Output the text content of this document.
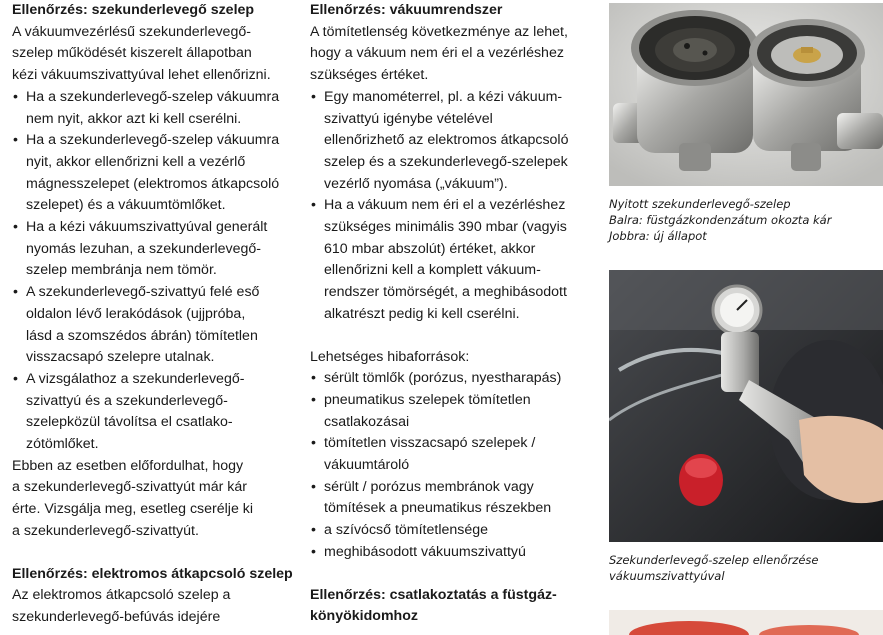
Ellenőrzés: szekunderlevegő szelep

A vákuumvezérlésű szekunderlevegő-
szelep működését kiszerelt állapotban
kézi vákuumszivattyúval lehet ellenőrizni.

• Ha a szekunderlevegő-szelep vákuumra
nem nyit, akkor azt ki kell cserélni.
• Ha a szekunderlevegő-szelep vákuumra
nyit, akkor ellenőrizni kell a vezérlő
mágnesszelepet (elektromos átkapcsoló
szelepet) és a vákuumtömlőket.
• Ha a kézi vákuumszivattyúval generált
nyomás lezuhan, a szekunderlevegő-
szelep membránja nem tömör.
• A szekunderlevegő-szivattyú felé eső
oldalon lévő lerakódások (ujjpróba,
lásd a szomszédos ábrán) tömítetlen
visszacsapó szelepre utalnak.
• A vizsgálathoz a szekunderlevegő-
szivattyú és a szekunderlevegő-
szelepközül távolítsa el csatlako-
zótömlőket.

Ebben az esetben előfordulhat, hogy
a szekunderlevegő-szivattyút már kár
érte. Vizsgálja meg, esetleg cserélje ki
a szekunderlevegő-szivattyút.

Ellenőrzés: elektromos átkapcsoló szelep

Az elektromos átkapcsoló szelep a
szekunderlevegő-befúvás idejére

Ellenőrzés: vákuumrendszer

A tömítetlenség következménye az lehet,
hogy a vákuum nem éri el a vezérléshez
szükséges értéket.

• Egy manométerrel, pl. a kézi vákuum-
szivattyú igénybe vételével
ellenőrizhető az elektromos átkapcsoló
szelep és a szekunderlevegő-szelepek
vezérlő nyomása („vákuum”).
• Ha a vákuum nem éri el a vezérléshez
szükséges minimális 390 mbar (vagyis
610 mbar abszolút) értéket, akkor
ellenőrizni kell a komplett vákuum-
rendszer tömörségét, a meghibásodott
alkatrészt pedig ki kell cserélni.

Lehetséges hibaforrások:

• sérült tömlők (porózus, nyestharapás)
• pneumatikus szelepek tömítetlen
csatlakozásai
• tömítetlen visszacsapó szelepek /
vákuumtároló
• sérült / porózus membránok vagy
tömítések a pneumatikus részekben
• a szívócső tömítetlensége
• meghibásodott vákuumszivattyú
Ellenőrzés: csatlakoztatás a füstgáz-
könyökidomhoz
Nyitott szekunderlevegő-szelep
Balra: füstgázkondenzátum okozta kár
Jobbra: új állapot
Szekunderlevegő-szelep ellenőrzése
vákuumszivattyúval
